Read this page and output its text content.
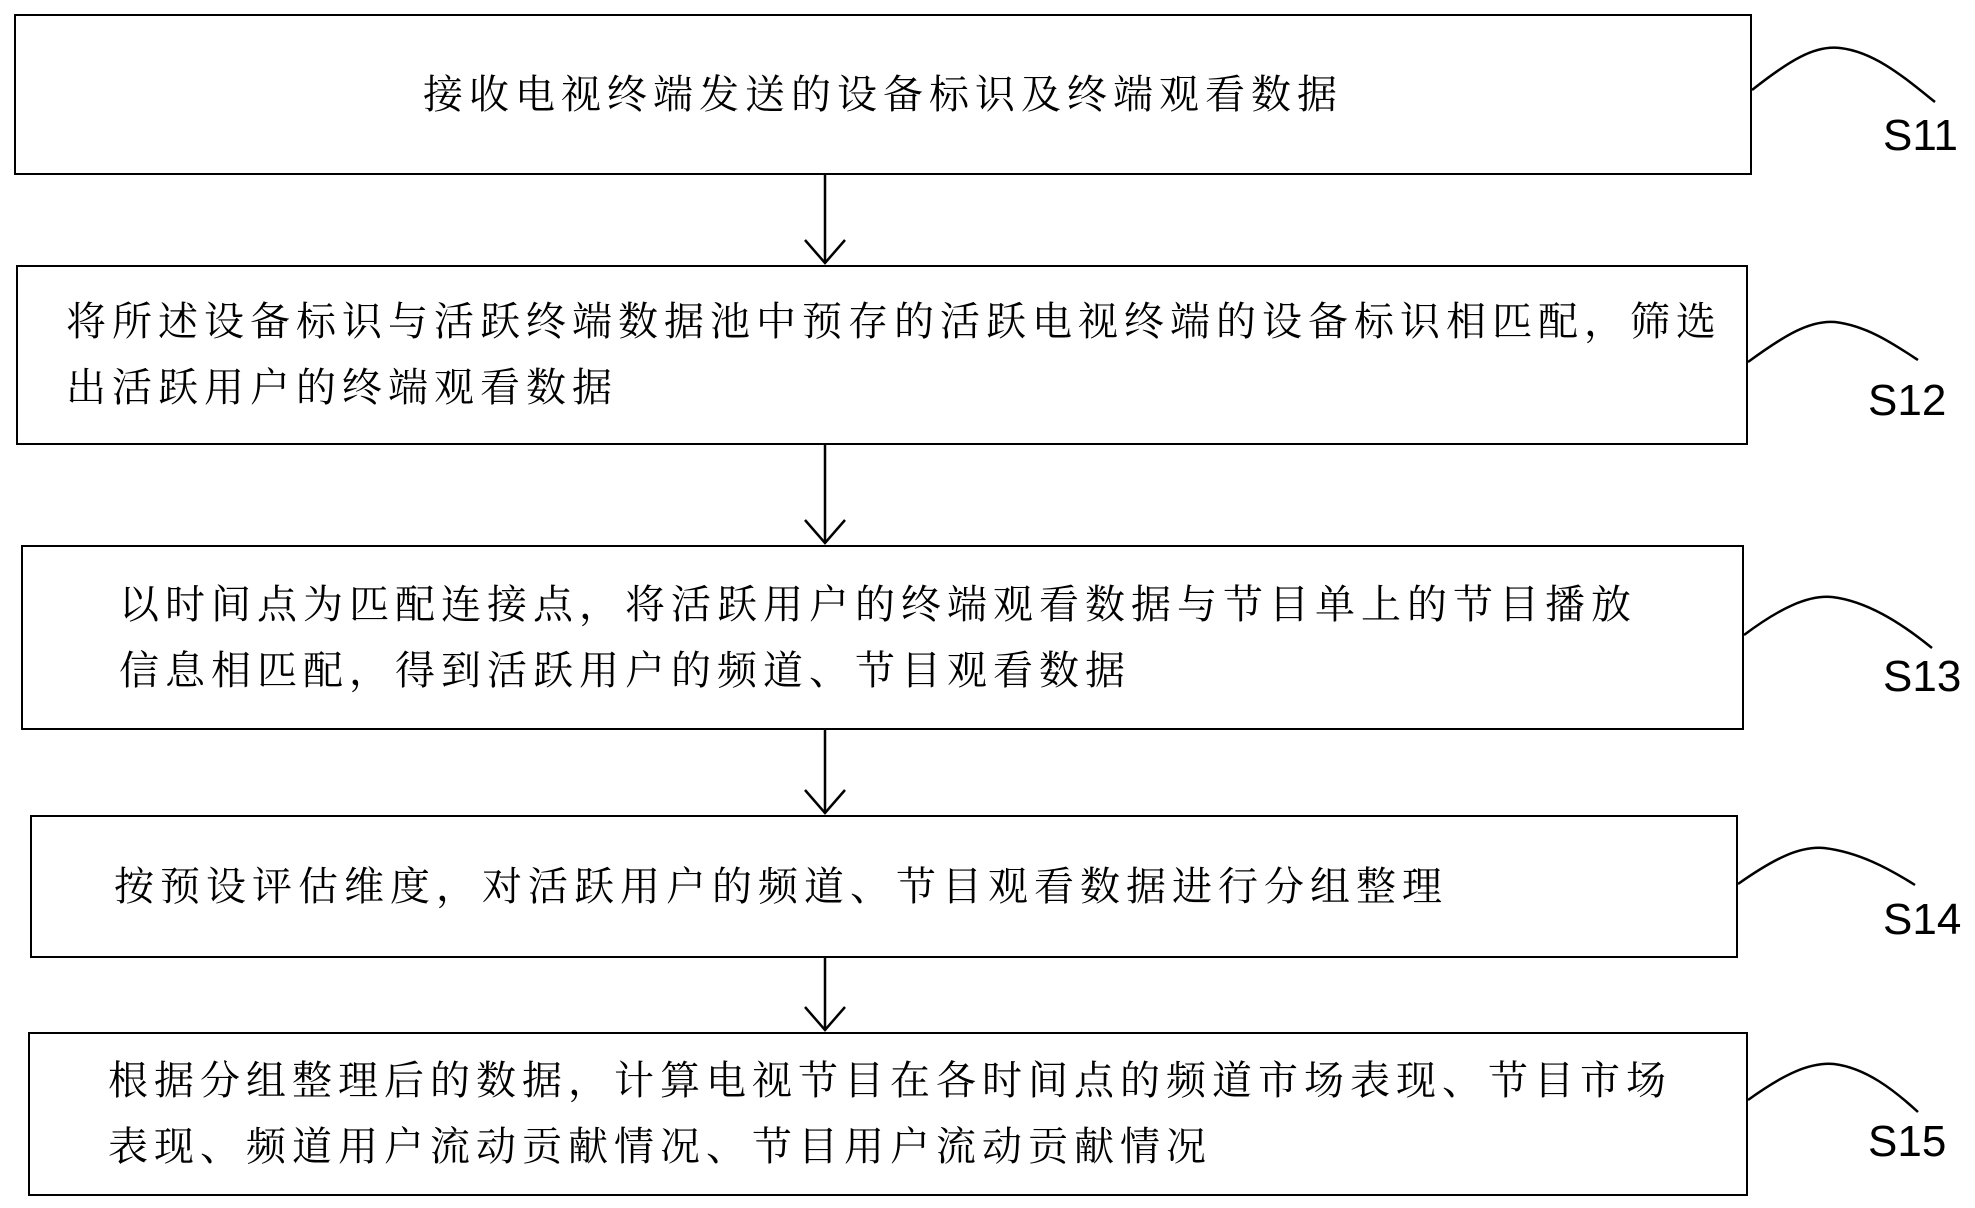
接收电视终端发送的设备标识及终端观看数据
S11
将所述设备标识与活跃终端数据池中预存的活跃电视终端的设备标识相匹配，筛选出活跃用户的终端观看数据	S12
以时间点为匹配连接点，将活跃用户的终端观看数据与节目单上的节目播放信息相匹配，得到活跃用户的频道、节目观看数据	S13
按预设评估维度，对活跃用户的频道、节目观看数据进行分组整理
S14
根据分组整理后的数据，计算电视节目在各时间点的频道市场表现、节目市场表现、频道用户流动贡献情况、节目用户流动贡献情况	S15
